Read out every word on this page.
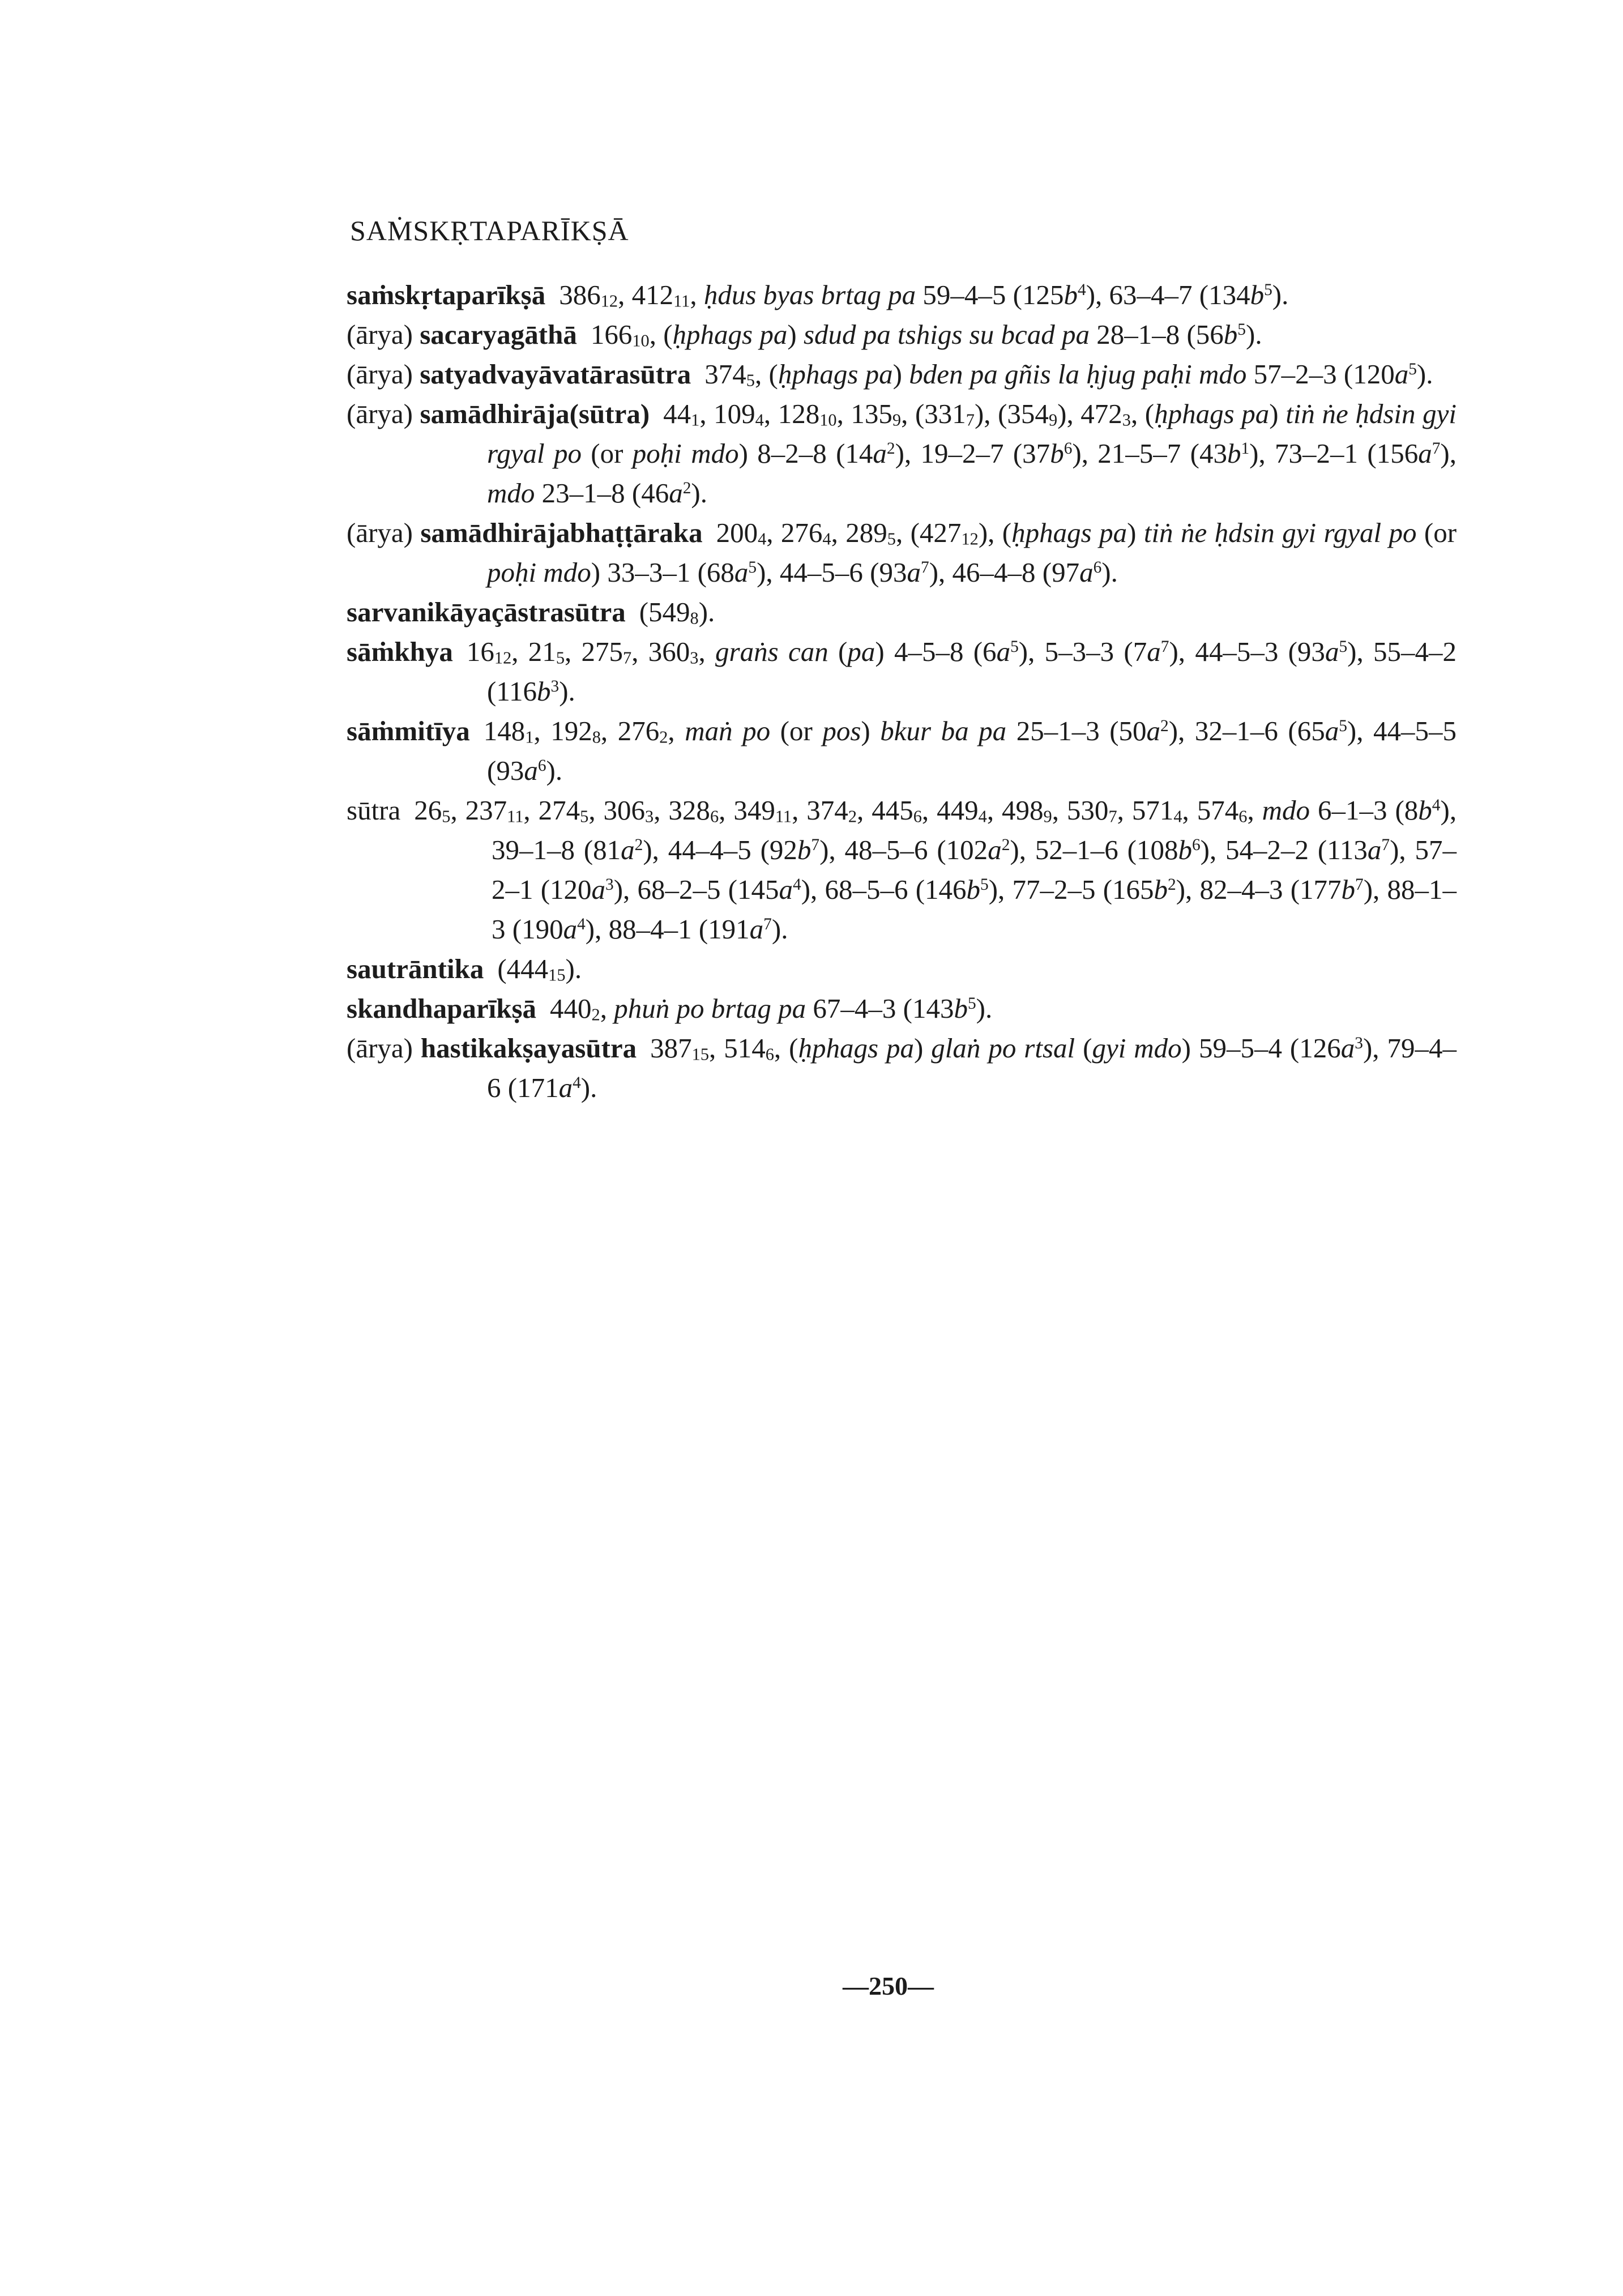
SAṀSKṚTAPARĪKṢĀ

saṁskṛtaparīkṣā $386_{12}$, $412_{11}$, ḥdus byas brtag pa 59–4–5 $(125b^4)$, 63–4–7 $(134b^5)$.

(ārya) sacaryagāthā $166_{10}$, (ḥphags pa) sdud pa tshigs su bcad pa 28–1–8 $(56b^5)$.

(ārya) satyadvayāvatārasūtra $374_5$, (ḥphags pa) bden pa gñis la ḥjug paḥi mdo 57–2–3 $(120a^5)$.

(ārya) samādhirāja(sūtra) $44_1$, $109_4$, $128_{10}$, $135_9$, $(331_7)$, $(354_9)$, $472_3$, (ḥphags pa) tiṅ ṅe ḥdsin gyi rgyal po (or poḥi mdo) 8–2–8 $(14a^2)$, 19–2–7 $(37b^6)$, 21–5–7 $(43b^1)$, 73–2–1 $(156a^7)$, mdo 23–1–8 $(46a^2)$.

(ārya) samādhirājabhaṭṭāraka $200_4$, $276_4$, $289_5$, $(427_{12})$, (ḥphags pa) tiṅ ṅe ḥdsin gyi rgyal po (or poḥi mdo) 33–3–1 $(68a^5)$, 44–5–6 $(93a^7)$, 46–4–8 $(97a^6)$.

sarvanikāyaçāstrasūtra $(549_8)$.

sāṁkhya $16_{12}$, $21_5$, $275_7$, $360_3$, graṅs can (pa) 4–5–8 $(6a^5)$, 5–3–3 $(7a^7)$, 44–5–3 $(93a^5)$, 55–4–2 $(116b^3)$.

sāṁmitīya $148_1$, $192_8$, $276_2$, maṅ po (or pos) bkur ba pa 25–1–3 $(50a^2)$, 32–1–6 $(65a^5)$, 44–5–5 $(93a^6)$.

sūtra $26_5$, $237_{11}$, $274_5$, $306_3$, $328_6$, $349_{11}$, $374_2$, $445_6$, $449_4$, $498_9$, $530_7$, $571_4$, $574_6$, mdo 6–1–3 $(8b^4)$, 39–1–8 $(81a^2)$, 44–4–5 $(92b^7)$, 48–5–6 $(102a^2)$, 52–1–6 $(108b^6)$, 54–2–2 $(113a^7)$, 57–2–1 $(120a^3)$, 68–2–5 $(145a^4)$, 68–5–6 $(146b^5)$, 77–2–5 $(165b^2)$, 82–4–3 $(177b^7)$, 88–1–3 $(190a^4)$, 88–4–1 $(191a^7)$.

sautrāntika $(444_{15})$.

skandhaparīkṣā $440_2$, phuṅ po brtag pa 67–4–3 $(143b^5)$.

(ārya) hastikakṣayasūtra $387_{15}$, $514_6$, (ḥphags pa) glaṅ po rtsal (gyi mdo) 59–5–4 $(126a^3)$, 79–4–6 $(171a^4)$.

—250—
